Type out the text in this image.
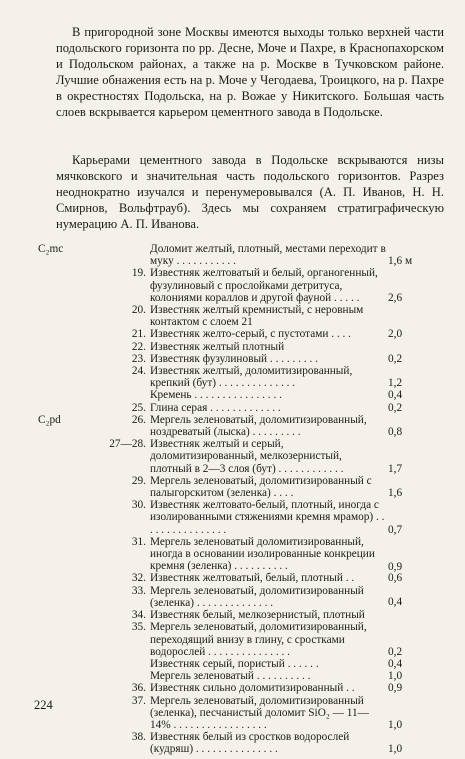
В пригородной зоне Москвы имеются выходы только верхней части подольского горизонта по рр. Десне, Моче и Пахре, в Краснопахорском и Подольском районах, а также на р. Москве в Тучковском районе. Лучшие обнажения есть на р. Моче у Чегодаева, Троицкого, на р. Пахре в окрестностях Подольска, на р. Вожае у Никитского. Большая часть слоев вскрывается карьером цементного завода в Подольске.

Карьерами цементного завода в Подольске вскрываются низы мячковского и значительная часть подольского горизонтов. Разрез неоднократно изучался и перенумеровывался (А. П. Иванов, Н. Н. Смирнов, Вольфтрауб). Здесь мы сохраняем стратиграфическую нумерацию А. П. Иванова.

C₂mc	Доломит желтый, плотный, местами переходит в муку . . . . . . . . . . .	1,6 м
19. Известняк желтоватый и белый, органогенный, фузулиновый с прослойками детритуса, колониями кораллов и другой фауной . . . . .	2,6
20. Известняк желтый кремнистый, с неровным контактом с слоем 21
21. Известняк желто-серый, с пустотами . . . .	2,0
22. Известняк желтый плотный
23. Известняк фузулиновый . . . . . . . . .	0,2
24. Известняк желтый, доломитизированный, крепкий (бут) . . . . . . . . . . . . . .	1,2
Кремень . . . . . . . . . . . . . . . .	0,4
25. Глина серая . . . . . . . . . . . . .	0,2
C₂pd	26. Мергель зеленоватый, доломитизированный, ноздреватый (лыска) . . . . . . . . .	0,8
27—28. Известняк желтый и серый, доломитизированный, мелкозернистый, плотный в 2—3 слоя (бут) . . . . . . . . . . . .	1,7
29. Мергель зеленоватый, доломитизированный с палыгорскитом (зеленка) . . . .	1,6
30. Известняк желтовато-белый, плотный, иногда с изолированными стяжениями кремня мрамор) . . . . . . . . . . . . . . . .	0,7
31. Мергель зеленоватый доломитизированный, иногда в основании изолированные конкреции кремня (зеленка) . . . . . . . . . .	0,9
32. Известняк желтоватый, белый, плотный . .	0,6
33. Мергель зеленоватый, доломитизированный (зеленка) . . . . . . . . . . . . . .	0,4
34. Известняк белый, мелкозернистый, плотный
35. Мергель зеленоватый, доломитизированный, переходящий внизу в глину, с сростками водорослей . . . . . . . . . . . . . . .	0,2
Известняк серый, пористый . . . . . .	0,4
Мергель зеленоватый . . . . . . . . . .	1,0
36. Известняк сильно доломитизированный . .	0,9
37. Мергель зеленоватый, доломитизированный (зеленка), песчанистый доломит SiO₂ — 11—14% . . . . . . . . . . . . . . . . .	1,0
38. Известняк белый из сростков водорослей (кудряш) . . . . . . . . . . . . . . .	1,0
224
